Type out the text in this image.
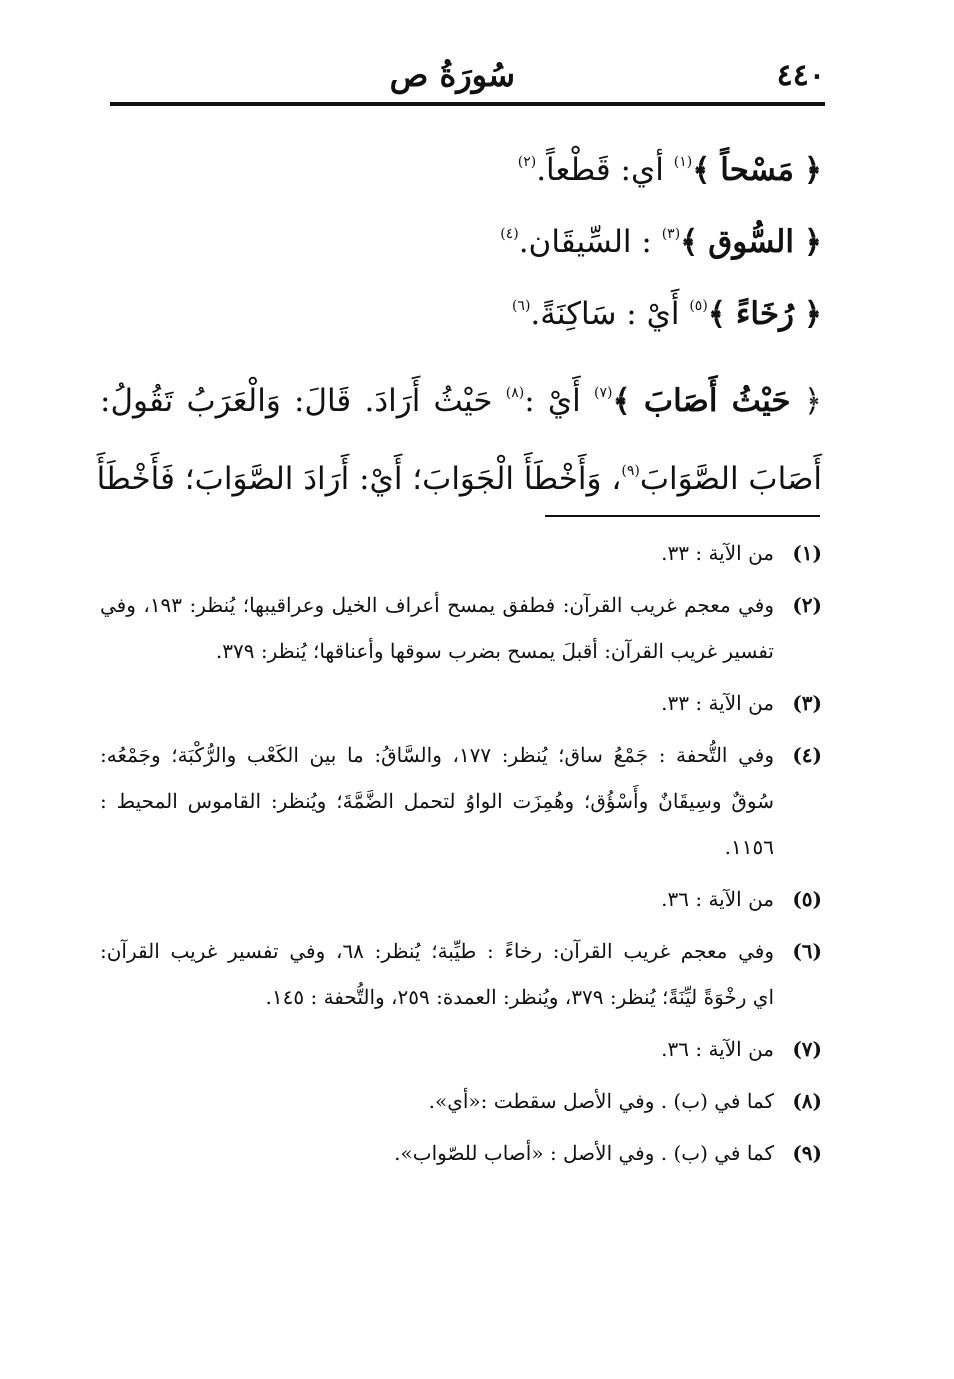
٤٤٠
سُورَةُ ص
﴿ مَسْحاً ﴾$^{(١)}$ أي: قَطْعاً.$^{(٢)}$
﴿ السُّوق ﴾$^{(٣)}$ : السِّيقَان.$^{(٤)}$
﴿ رُخَاءً ﴾$^{(٥)}$ أَيْ : سَاكِنَةً.$^{(٦)}$
﴿ حَيْثُ أَصَابَ ﴾$^{(٧)}$ أَيْ :$^{(٨)}$ حَيْثُ أَرَادَ. قَالَ: وَالْعَرَبُ تَقُولُ:
أَصَابَ الصَّوَابَ$^{(٩)}$، وَأَخْطَأَ الْجَوَابَ؛ أَيْ: أَرَادَ الصَّوَابَ؛ فَأَخْطَأَ
(١)
من الآية : ٣٣.
(٢)
وفي معجم غريب القرآن: فطفق يمسح أعراف الخيل وعراقيبها؛ يُنظر: ١٩٣، وفي
تفسير غريب القرآن: أقبلَ يمسح بضرب سوقها وأعناقها؛ يُنظر: ٣٧٩.
(٣)
من الآية : ٣٣.
(٤)
وفي التُّحفة : جَمْعُ ساق؛ يُنظر: ١٧٧، والسَّاقُ: ما بين الكَعْب والرُّكْبَة؛ وجَمْعُه:
سُوقٌ وسِيقَانٌ وأَسْؤُق؛ وهُمِزَت الواوُ لتحمل الضَّمَّةَ؛ ويُنظر: القاموس المحيط :
١١٥٦.
(٥)
من الآية : ٣٦.
(٦)
وفي معجم غريب القرآن: رخاءً : طيِّبة؛ يُنظر: ٦٨، وفي تفسير غريب القرآن:
اي رخْوَةً ليِّنَةً؛ يُنظر: ٣٧٩، ويُنظر: العمدة: ٢٥٩، والتُّحفة : ١٤٥.
(٧)
من الآية : ٣٦.
(٨)
كما في (ب) . وفي الأصل سقطت :«أي».
(٩)
كما في (ب) . وفي الأصل : «أصاب للصّواب».
